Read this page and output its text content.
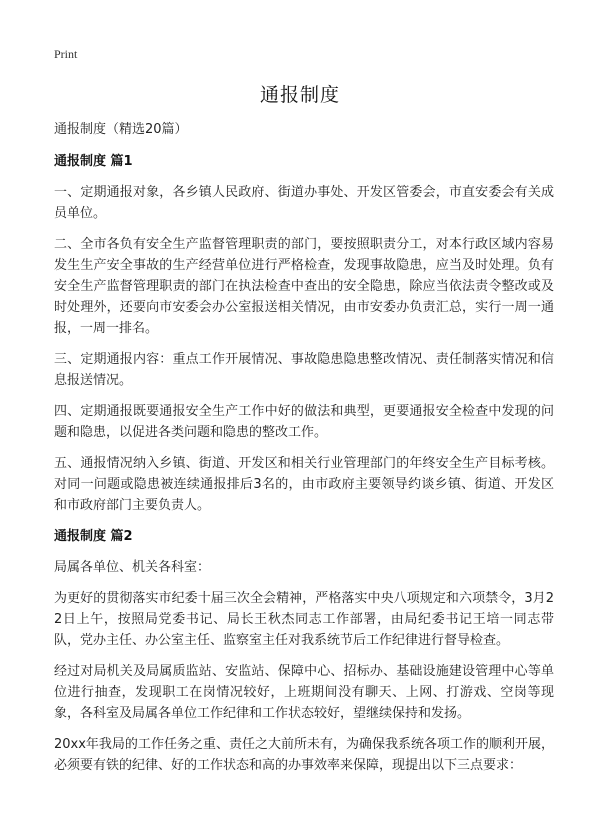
Print
通报制度

通报制度（精选20篇）

通报制度 篇1

一、定期通报对象，各乡镇人民政府、街道办事处、开发区管委会，市直安委会有关成员单位。

二、全市各负有安全生产监督管理职责的部门，要按照职责分工，对本行政区域内容易发生生产安全事故的生产经营单位进行严格检查，发现事故隐患，应当及时处理。负有安全生产监督管理职责的部门在执法检查中查出的安全隐患，除应当依法责令整改或及时处理外，还要向市安委会办公室报送相关情况，由市安委办负责汇总，实行一周一通报，一周一排名。

三、定期通报内容：重点工作开展情况、事故隐患隐患整改情况、责任制落实情况和信息报送情况。

四、定期通报既要通报安全生产工作中好的做法和典型，更要通报安全检查中发现的问题和隐患，以促进各类问题和隐患的整改工作。

五、通报情况纳入乡镇、街道、开发区和相关行业管理部门的年终安全生产目标考核。对同一问题或隐患被连续通报排后3名的，由市政府主要领导约谈乡镇、街道、开发区和市政府部门主要负责人。

通报制度 篇2

局属各单位、机关各科室：

为更好的贯彻落实市纪委十届三次全会精神，严格落实中央八项规定和六项禁令，3月22日上午，按照局党委书记、局长王秋杰同志工作部署，由局纪委书记王培一同志带队，党办主任、办公室主任、监察室主任对我系统节后工作纪律进行督导检查。

经过对局机关及局属质监站、安监站、保障中心、招标办、基础设施建设管理中心等单位进行抽查，发现职工在岗情况较好，上班期间没有聊天、上网、打游戏、空岗等现象，各科室及局属各单位工作纪律和工作状态较好，望继续保持和发扬。

20xx年我局的工作任务之重、责任之大前所未有，为确保我系统各项工作的顺利开展，必须要有铁的纪律、好的工作状态和高的办事效率来保障，现提出以下三点要求：
